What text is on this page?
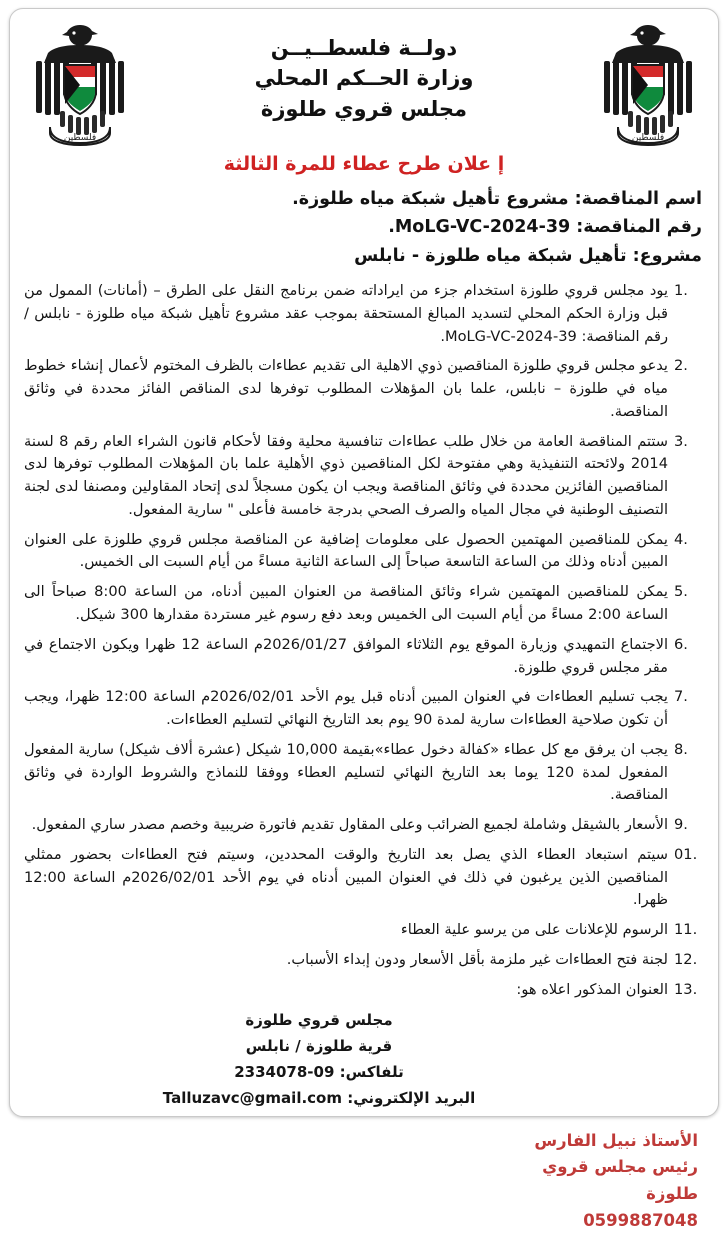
فلسطين
دولــة فلسطــيــن
وزارة الحــكم المحلي
مجلس قروي طلوزة
فلسطين
إ علان طرح عطاء للمرة الثالثة
اسم المناقصة: مشروع تأهيل شبكة مياه طلوزة.
رقم المناقصة: MoLG-VC-2024-39.
مشروع: تأهيل شبكة مياه طلوزة - نابلس
1.
يود مجلس قروي طلوزة استخدام جزء من ايراداته ضمن برنامج النقل على الطرق – (أمانات) الممول من قبل وزارة الحكم المحلي لتسديد المبالغ المستحقة بموجب عقد مشروع تأهيل شبكة مياه طلوزة - نابلس / رقم المناقصة: MoLG-VC-2024-39.
2.
يدعو مجلس قروي طلوزة المناقصين ذوي الاهلية الى تقديم عطاءات بالظرف المختوم لأعمال إنشاء خطوط مياه في طلوزة – نابلس، علما بان المؤهلات المطلوب توفرها لدى المناقص الفائز محددة في وثائق المناقصة.
3.
ستتم المناقصة العامة من خلال طلب عطاءات تنافسية محلية وفقا لأحكام قانون الشراء العام رقم 8 لسنة 2014 ولائحته التنفيذية وهي مفتوحة لكل المناقصين ذوي الأهلية علما بان المؤهلات المطلوب توفرها لدى المناقصين الفائزين محددة في وثائق المناقصة ويجب ان يكون مسجلاً لدى إتحاد المقاولين ومصنفا لدى لجنة التصنيف الوطنية في مجال المياه والصرف الصحي بدرجة خامسة فأعلى " سارية المفعول.
4.
يمكن للمناقصين المهتمين الحصول على معلومات إضافية عن المناقصة مجلس قروي طلوزة على العنوان المبين أدناه وذلك من الساعة التاسعة صباحاً إلى الساعة الثانية مساءً من أيام السبت الى الخميس.
5.
يمكن للمناقصين المهتمين شراء وثائق المناقصة من العنوان المبين أدناه، من الساعة 8:00 صباحاً الى الساعة 2:00 مساءً من أيام السبت الى الخميس وبعد دفع رسوم غير مستردة مقدارها 300 شيكل.
6.
الاجتماع التمهيدي وزيارة الموقع يوم الثلاثاء الموافق 2026/01/27م الساعة 12 ظهرا ويكون الاجتماع في مقر مجلس قروي طلوزة.
7.
يجب تسليم العطاءات في العنوان المبين أدناه قبل يوم الأحد 2026/02/01م الساعة 12:00 ظهرا، ويجب أن تكون صلاحية العطاءات سارية لمدة 90 يوم بعد التاريخ النهائي لتسليم العطاءات.
8.
يجب ان يرفق مع كل عطاء «كفالة دخول عطاء»بقيمة 10,000 شيكل (عشرة ألاف شيكل) سارية المفعول المفعول لمدة 120 يوما بعد التاريخ النهائي لتسليم العطاء ووفقا للنماذج والشروط الواردة في وثائق المناقصة.
9.
الأسعار بالشيقل وشاملة لجميع الضرائب وعلى المقاول تقديم فاتورة ضريبية وخصم مصدر ساري المفعول.
01.
سيتم استبعاد العطاء الذي يصل بعد التاريخ والوقت المحددين، وسيتم فتح العطاءات بحضور ممثلي المناقصين الذين يرغبون في ذلك في العنوان المبين أدناه في يوم الأحد 2026/02/01م الساعة 12:00 ظهرا.
11.
الرسوم للإعلانات على من يرسو علية العطاء
12.
لجنة فتح العطاءات غير ملزمة بأقل الأسعار ودون إبداء الأسباب.
13.
العنوان المذكور اعلاه هو:
مجلس قروي طلوزة
قرية طلوزة / نابلس
تلفاكس: 09-2334078
البريد الإلكتروني: Talluzavc@gmail.com
الأستاذ نبيل الفارس
رئيس مجلس قروي طلوزة
0599887048
